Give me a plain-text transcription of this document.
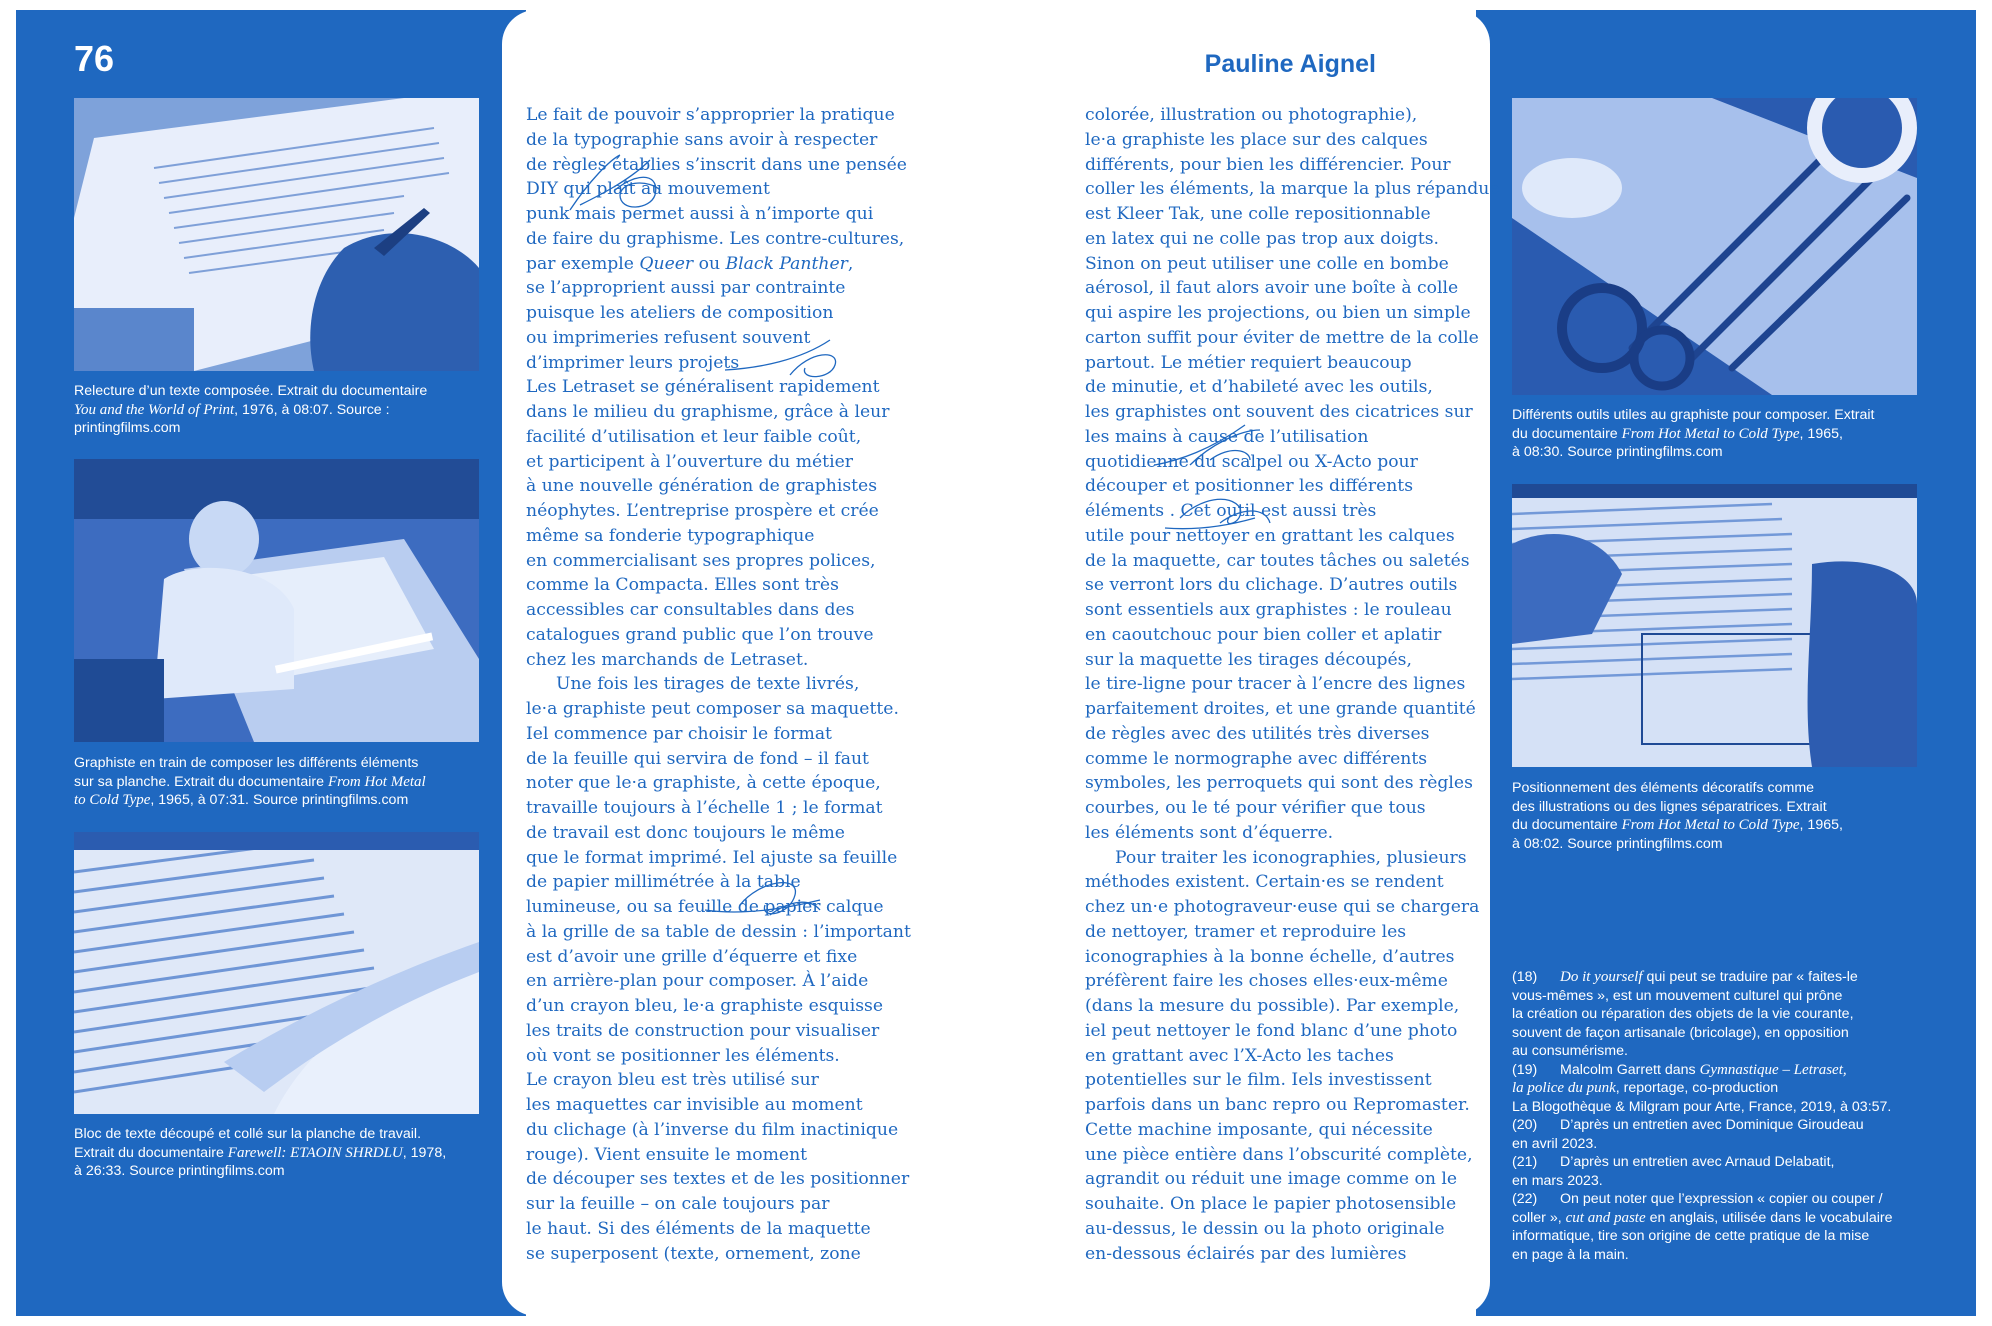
76	Pauline Aignel
Relecture d’un texte composée. Extrait du documentaire
You and the World of Print, 1976, à 08:07. Source :
printingfilms.com
Graphiste en train de composer les différents éléments
sur sa planche. Extrait du documentaire From Hot Metal
to Cold Type, 1965, à 07:31. Source printingfilms.com
Bloc de texte découpé et collé sur la planche de travail.
Extrait du documentaire Farewell: ETAOIN SHRDLU, 1978,
à 26:33. Source printingfilms.com
Différents outils utiles au graphiste pour composer. Extrait
du documentaire From Hot Metal to Cold Type, 1965,
à 08:30. Source printingfilms.com
Positionnement des éléments décoratifs comme
des illustrations ou des lignes séparatrices. Extrait
du documentaire From Hot Metal to Cold Type, 1965,
à 08:02. Source printingfilms.com
Le fait de pouvoir s’approprier la pratique
de la typographie sans avoir à respecter
de règles établies s’inscrit dans une pensée
DIY qui plaît au mouvement
punk mais permet aussi à n’importe qui
de faire du graphisme. Les contre-cultures,
par exemple Queer ou Black Panther,
se l’approprient aussi par contrainte
puisque les ateliers de composition
ou imprimeries refusent souvent
d’imprimer leurs projets
Les Letraset se généralisent rapidement
dans le milieu du graphisme, grâce à leur
facilité d’utilisation et leur faible coût,
et participent à l’ouverture du métier
à une nouvelle génération de graphistes
néophytes. L’entreprise prospère et crée
même sa fonderie typographique
en commercialisant ses propres polices,
comme la Compacta. Elles sont très
accessibles car consultables dans des
catalogues grand public que l’on trouve
chez les marchands de Letraset.
Une fois les tirages de texte livrés,
le·a graphiste peut composer sa maquette.
Iel commence par choisir le format
de la feuille qui servira de fond – il faut
noter que le·a graphiste, à cette époque,
travaille toujours à l’échelle 1 ; le format
de travail est donc toujours le même
que le format imprimé. Iel ajuste sa feuille
de papier millimétrée à la table
lumineuse, ou sa feuille de papier calque
à la grille de sa table de dessin : l’important
est d’avoir une grille d’équerre et fixe
en arrière-plan pour composer. À l’aide
d’un crayon bleu, le·a graphiste esquisse
les traits de construction pour visualiser
où vont se positionner les éléments.
Le crayon bleu est très utilisé sur
les maquettes car invisible au moment
du clichage (à l’inverse du film inactinique
rouge). Vient ensuite le moment
de découper ses textes et de les positionner
sur la feuille – on cale toujours par
le haut. Si des éléments de la maquette
se superposent (texte, ornement, zone
colorée, illustration ou photographie),
le·a graphiste les place sur des calques
différents, pour bien les différencier. Pour
coller les éléments, la marque la plus répandue
est Kleer Tak, une colle repositionnable
en latex qui ne colle pas trop aux doigts.
Sinon on peut utiliser une colle en bombe
aérosol, il faut alors avoir une boîte à colle
qui aspire les projections, ou bien un simple
carton suffit pour éviter de mettre de la colle
partout. Le métier requiert beaucoup
de minutie, et d’habileté avec les outils,
les graphistes ont souvent des cicatrices sur
les mains à cause de l’utilisation
quotidienne du scalpel ou X-Acto pour
découper et positionner les différents
éléments . Cet outil est aussi très
utile pour nettoyer en grattant les calques
de la maquette, car toutes tâches ou saletés
se verront lors du clichage. D’autres outils
sont essentiels aux graphistes : le rouleau
en caoutchouc pour bien coller et aplatir
sur la maquette les tirages découpés,
le tire-ligne pour tracer à l’encre des lignes
parfaitement droites, et une grande quantité
de règles avec des utilités très diverses
comme le normographe avec différents
symboles, les perroquets qui sont des règles
courbes, ou le té pour vérifier que tous
les éléments sont d’équerre.
Pour traiter les iconographies, plusieurs
méthodes existent. Certain·es se rendent
chez un·e photograveur·euse qui se chargera
de nettoyer, tramer et reproduire les
iconographies à la bonne échelle, d’autres
préfèrent faire les choses elles·eux-même
(dans la mesure du possible). Par exemple,
iel peut nettoyer le fond blanc d’une photo
en grattant avec l’X-Acto les taches
potentielles sur le film. Iels investissent
parfois dans un banc repro ou Repromaster.
Cette machine imposante, qui nécessite
une pièce entière dans l’obscurité complète,
agrandit ou réduit une image comme on le
souhaite. On place le papier photosensible
au-dessus, le dessin ou la photo originale
en-dessous éclairés par des lumières
(18) Do it yourself qui peut se traduire par « faites-le
vous-mêmes », est un mouvement culturel qui prône
la création ou réparation des objets de la vie courante,
souvent de façon artisanale (bricolage), en opposition
au consumérisme.
(19) Malcolm Garrett dans Gymnastique – Letraset,
la police du punk, reportage, co-production
La Blogothèque & Milgram pour Arte, France, 2019, à 03:57.
(20) D’après un entretien avec Dominique Giroudeau
en avril 2023.
(21) D’après un entretien avec Arnaud Delabatit,
en mars 2023.
(22) On peut noter que l’expression « copier ou couper /
coller », cut and paste en anglais, utilisée dans le vocabulaire
informatique, tire son origine de cette pratique de la mise
en page à la main.
